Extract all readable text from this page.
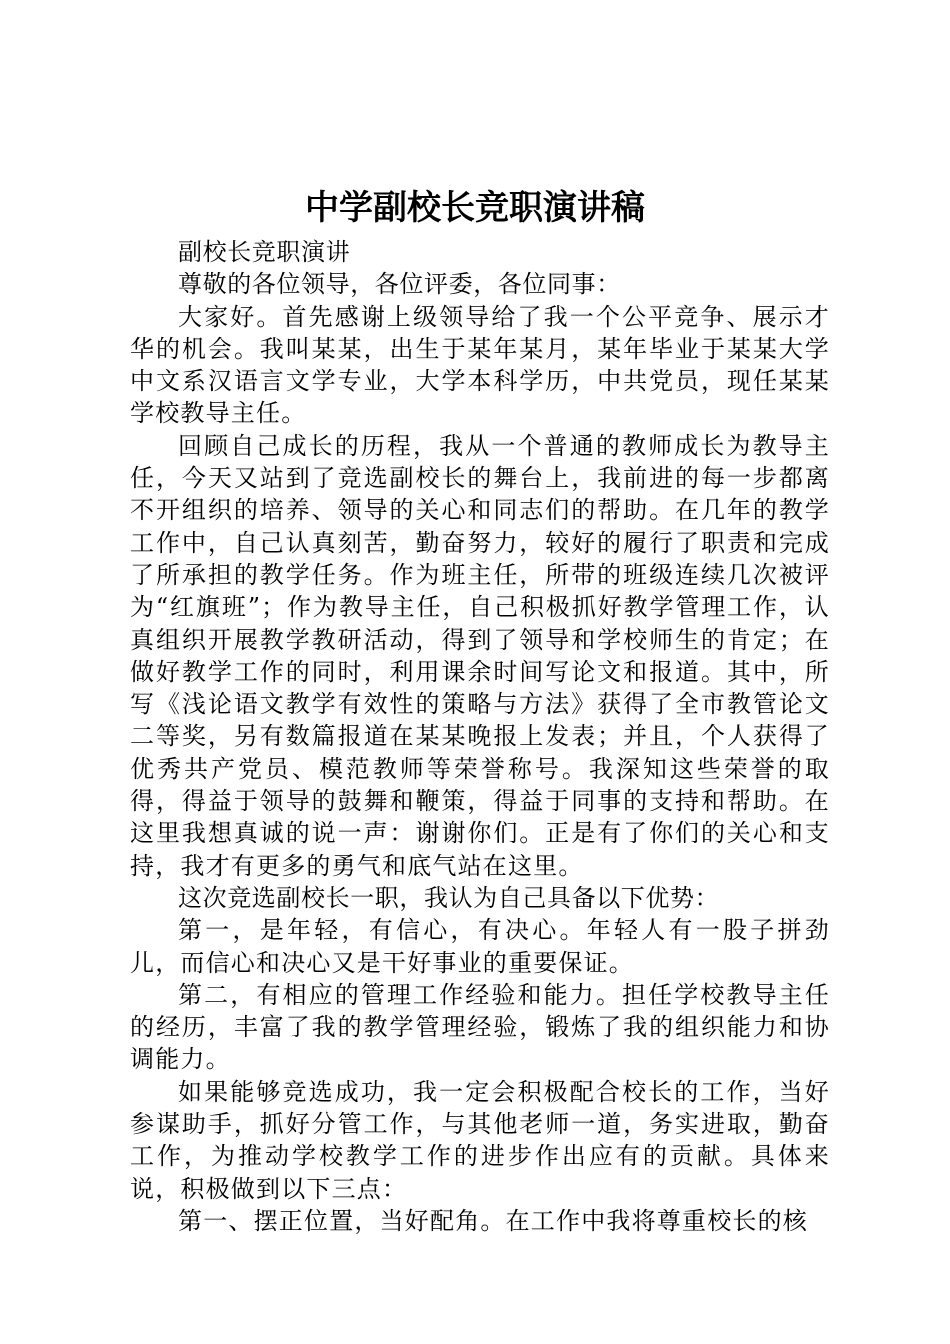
中学副校长竞职演讲稿

副校长竞职演讲

尊敬的各位领导，各位评委，各位同事：

大家好。首先感谢上级领导给了我一个公平竞争、展示才华的机会。我叫某某，出生于某年某月，某年毕业于某某大学中文系汉语言文学专业，大学本科学历，中共党员，现任某某学校教导主任。

回顾自己成长的历程，我从一个普通的教师成长为教导主任，今天又站到了竞选副校长的舞台上，我前进的每一步都离不开组织的培养、领导的关心和同志们的帮助。在几年的教学工作中，自己认真刻苦，勤奋努力，较好的履行了职责和完成了所承担的教学任务。作为班主任，所带的班级连续几次被评为“红旗班”；作为教导主任，自己积极抓好教学管理工作，认真组织开展教学教研活动，得到了领导和学校师生的肯定；在做好教学工作的同时，利用课余时间写论文和报道。其中，所写《浅论语文教学有效性的策略与方法》获得了全市教管论文二等奖，另有数篇报道在某某晚报上发表；并且，个人获得了优秀共产党员、模范教师等荣誉称号。我深知这些荣誉的取得，得益于领导的鼓舞和鞭策，得益于同事的支持和帮助。在这里我想真诚的说一声：谢谢你们。正是有了你们的关心和支持，我才有更多的勇气和底气站在这里。

这次竞选副校长一职，我认为自己具备以下优势：

第一，是年轻，有信心，有决心。年轻人有一股子拼劲儿，而信心和决心又是干好事业的重要保证。

第二，有相应的管理工作经验和能力。担任学校教导主任的经历，丰富了我的教学管理经验，锻炼了我的组织能力和协调能力。

如果能够竞选成功，我一定会积极配合校长的工作，当好参谋助手，抓好分管工作，与其他老师一道，务实进取，勤奋工作，为推动学校教学工作的进步作出应有的贡献。具体来说，积极做到以下三点：

第一、摆正位置，当好配角。在工作中我将尊重校长的核
